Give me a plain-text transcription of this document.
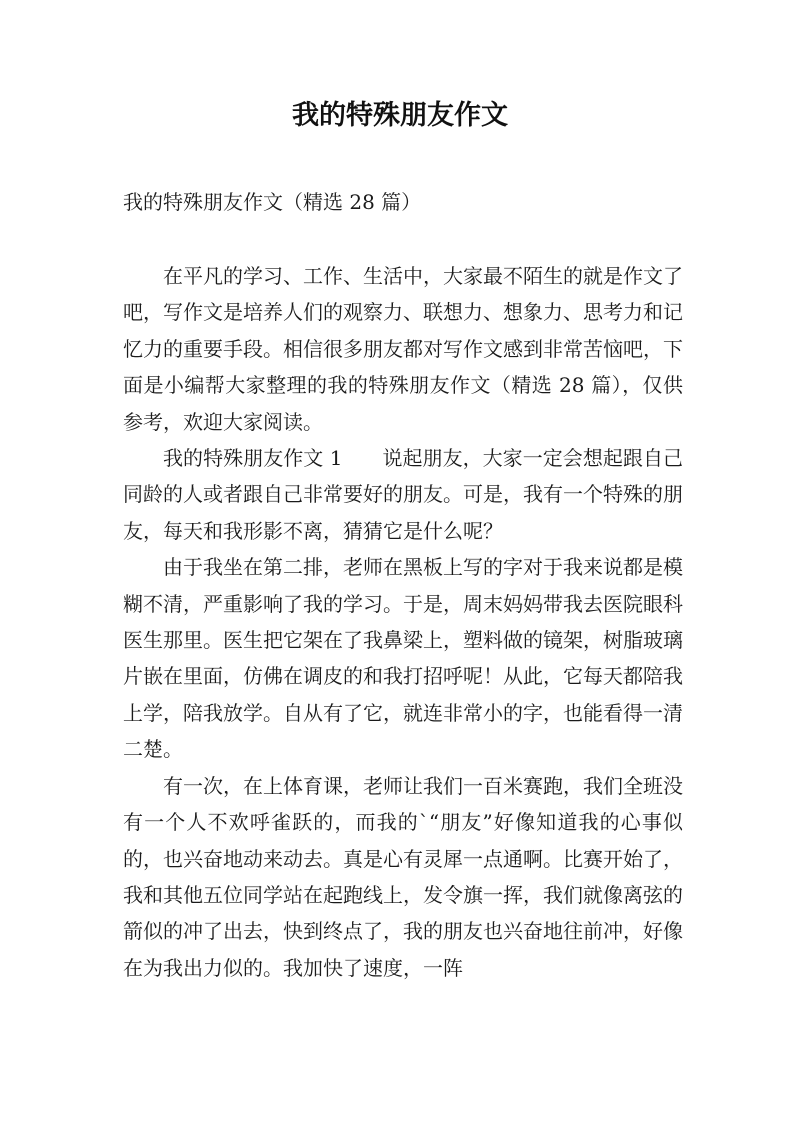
我的特殊朋友作文

我的特殊朋友作文（精选 28 篇）

在平凡的学习、工作、生活中，大家最不陌生的就是作文了吧，写作文是培养人们的观察力、联想力、想象力、思考力和记忆力的重要手段。相信很多朋友都对写作文感到非常苦恼吧，下面是小编帮大家整理的我的特殊朋友作文（精选 28 篇），仅供参考，欢迎大家阅读。

我的特殊朋友作文 1 说起朋友，大家一定会想起跟自己同龄的人或者跟自己非常要好的朋友。可是，我有一个特殊的朋友，每天和我形影不离，猜猜它是什么呢？

由于我坐在第二排，老师在黑板上写的字对于我来说都是模糊不清，严重影响了我的学习。于是，周末妈妈带我去医院眼科医生那里。医生把它架在了我鼻梁上，塑料做的镜架，树脂玻璃片嵌在里面，仿佛在调皮的和我打招呼呢！从此，它每天都陪我上学，陪我放学。自从有了它，就连非常小的字，也能看得一清二楚。

有一次，在上体育课，老师让我们一百米赛跑，我们全班没有一个人不欢呼雀跃的，而我的`“朋友”好像知道我的心事似的，也兴奋地动来动去。真是心有灵犀一点通啊。比赛开始了，我和其他五位同学站在起跑线上，发令旗一挥，我们就像离弦的箭似的冲了出去，快到终点了，我的朋友也兴奋地往前冲，好像在为我出力似的。我加快了速度，一阵
